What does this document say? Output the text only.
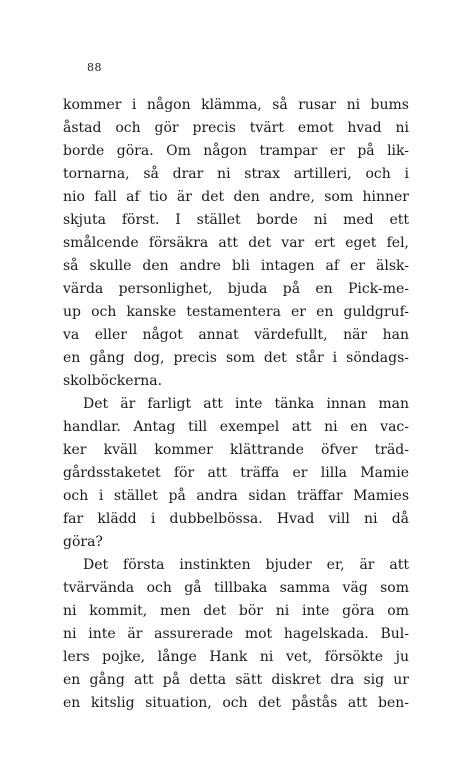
88
kommer i någon klämma, så rusar ni bums
åstad och gör precis tvärt emot hvad ni
borde göra. Om någon trampar er på lik-
tornarna, så drar ni strax artilleri, och i
nio fall af tio är det den andre, som hinner
skjuta först. I stället borde ni med ett
smålcende försäkra att det var ert eget fel,
så skulle den andre bli intagen af er älsk-
värda personlighet, bjuda på en Pick-me-
up och kanske testamentera er en guldgruf-
va eller något annat värdefullt, när han
en gång dog, precis som det står i söndags-
skolböckerna.
Det är farligt att inte tänka innan man
handlar. Antag till exempel att ni en vac-
ker kväll kommer klättrande öfver träd-
gårdsstaketet för att träffa er lilla Mamie
och i stället på andra sidan träffar Mamies
far klädd i dubbelbössa. Hvad vill ni då
göra?
Det första instinkten bjuder er, är att
tvärvända och gå tillbaka samma väg som
ni kommit, men det bör ni inte göra om
ni inte är assurerade mot hagelskada. Bul-
lers pojke, långe Hank ni vet, försökte ju
en gång att på detta sätt diskret dra sig ur
en kitslig situation, och det påstås att ben-
